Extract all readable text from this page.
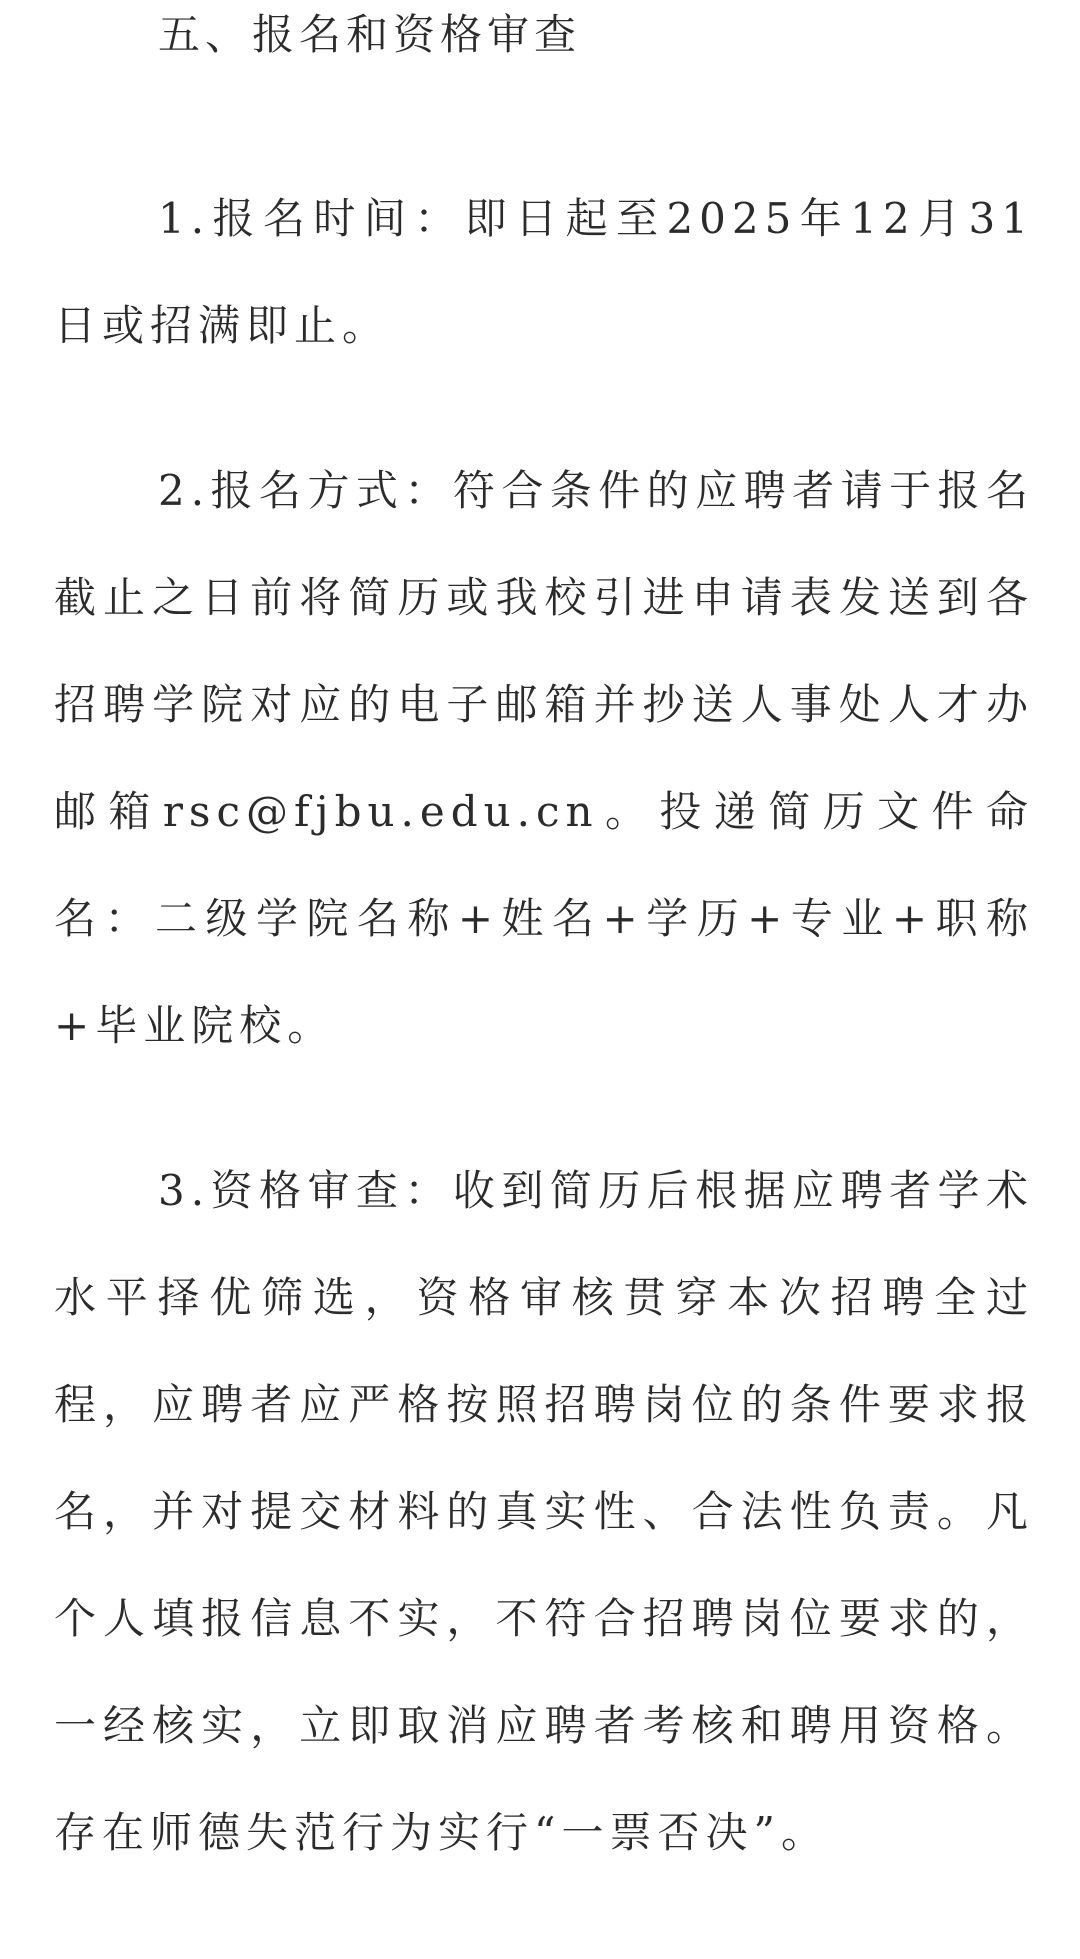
五、报名和资格审查

1.报名时间：即日起至2025年12月31日或招满即止。

2.报名方式：符合条件的应聘者请于报名截止之日前将简历或我校引进申请表发送到各招聘学院对应的电子邮箱并抄送人事处人才办邮箱rsc@fjbu.edu.cn。投递简历文件命名：二级学院名称+姓名+学历+专业+职称+毕业院校。

3.资格审查：收到简历后根据应聘者学术水平择优筛选，资格审核贯穿本次招聘全过程，应聘者应严格按照招聘岗位的条件要求报名，并对提交材料的真实性、合法性负责。凡个人填报信息不实，不符合招聘岗位要求的，一经核实，立即取消应聘者考核和聘用资格。存在师德失范行为实行“一票否决”。
